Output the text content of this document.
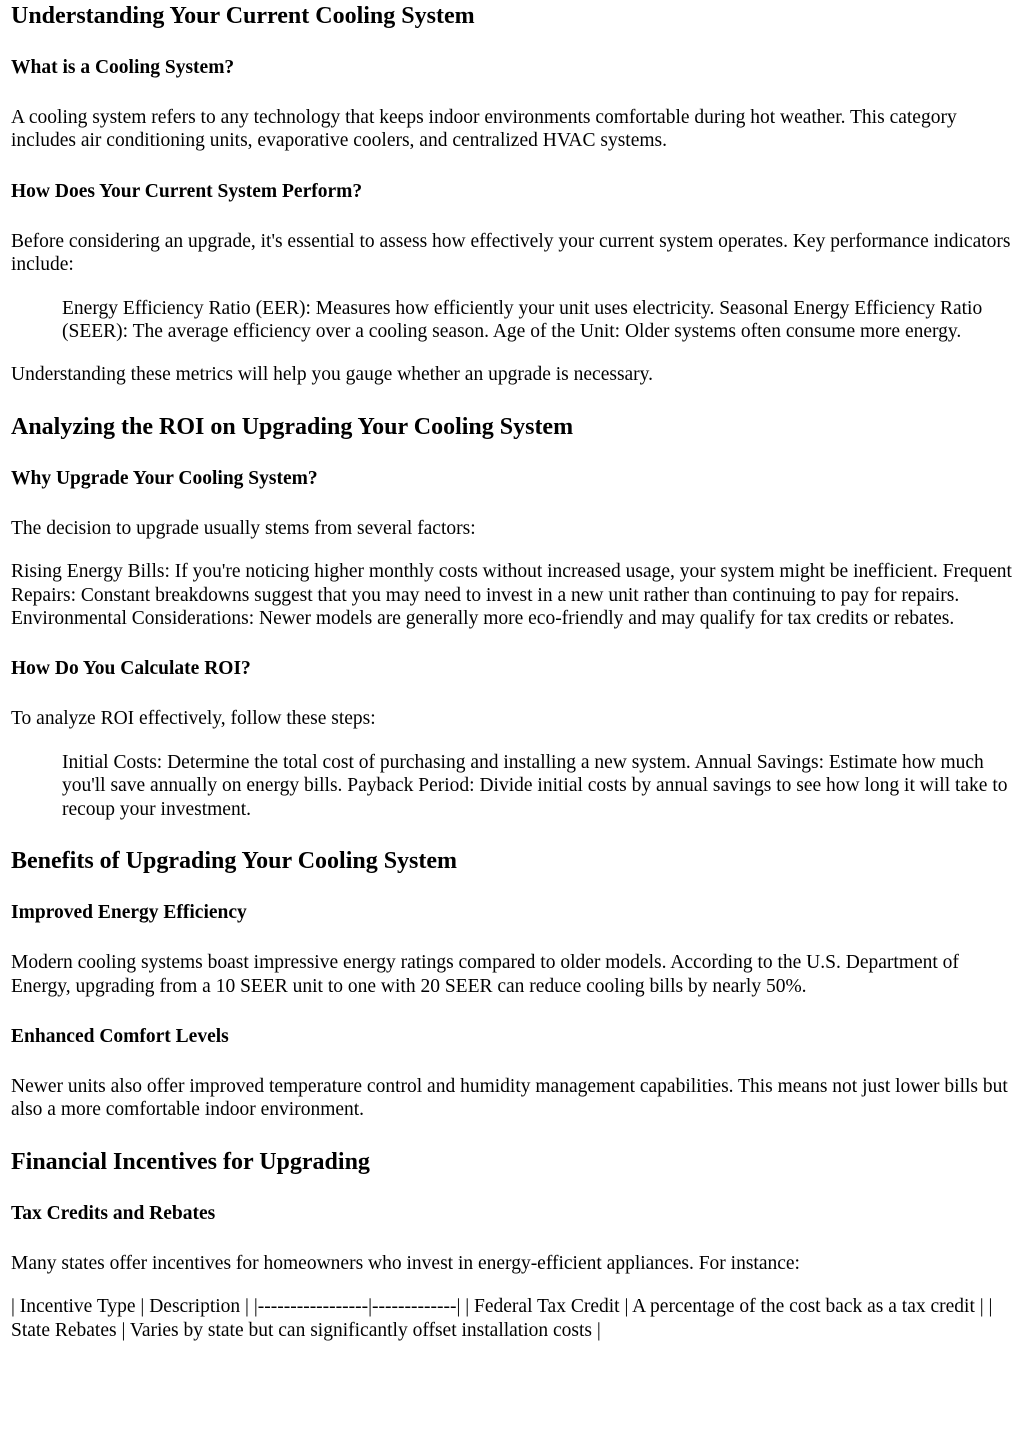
Understanding Your Current Cooling System
What is a Cooling System?

A cooling system refers to any technology that keeps indoor environments comfortable during hot weather. This category includes air conditioning units, evaporative coolers, and centralized HVAC systems.

How Does Your Current System Perform?

Before considering an upgrade, it's essential to assess how effectively your current system operates. Key performance indicators include:

Energy Efficiency Ratio (EER): Measures how efficiently your unit uses electricity. Seasonal Energy Efficiency Ratio (SEER): The average efficiency over a cooling season. Age of the Unit: Older systems often consume more energy.

Understanding these metrics will help you gauge whether an upgrade is necessary.

Analyzing the ROI on Upgrading Your Cooling System
Why Upgrade Your Cooling System?

The decision to upgrade usually stems from several factors:

Rising Energy Bills: If you're noticing higher monthly costs without increased usage, your system might be inefficient. Frequent Repairs: Constant breakdowns suggest that you may need to invest in a new unit rather than continuing to pay for repairs. Environmental Considerations: Newer models are generally more eco-friendly and may qualify for tax credits or rebates.

How Do You Calculate ROI?

To analyze ROI effectively, follow these steps:

Initial Costs: Determine the total cost of purchasing and installing a new system. Annual Savings: Estimate how much you'll save annually on energy bills. Payback Period: Divide initial costs by annual savings to see how long it will take to recoup your investment.
Benefits of Upgrading Your Cooling System
Improved Energy Efficiency

Modern cooling systems boast impressive energy ratings compared to older models. According to the U.S. Department of Energy, upgrading from a 10 SEER unit to one with 20 SEER can reduce cooling bills by nearly 50%.

Enhanced Comfort Levels

Newer units also offer improved temperature control and humidity management capabilities. This means not just lower bills but also a more comfortable indoor environment.

Financial Incentives for Upgrading
Tax Credits and Rebates

Many states offer incentives for homeowners who invest in energy-efficient appliances. For instance:

| Incentive Type | Description | |-----------------|-------------| | Federal Tax Credit | A percentage of the cost back as a tax credit | | State Rebates | Varies by state but can significantly offset installation costs |
